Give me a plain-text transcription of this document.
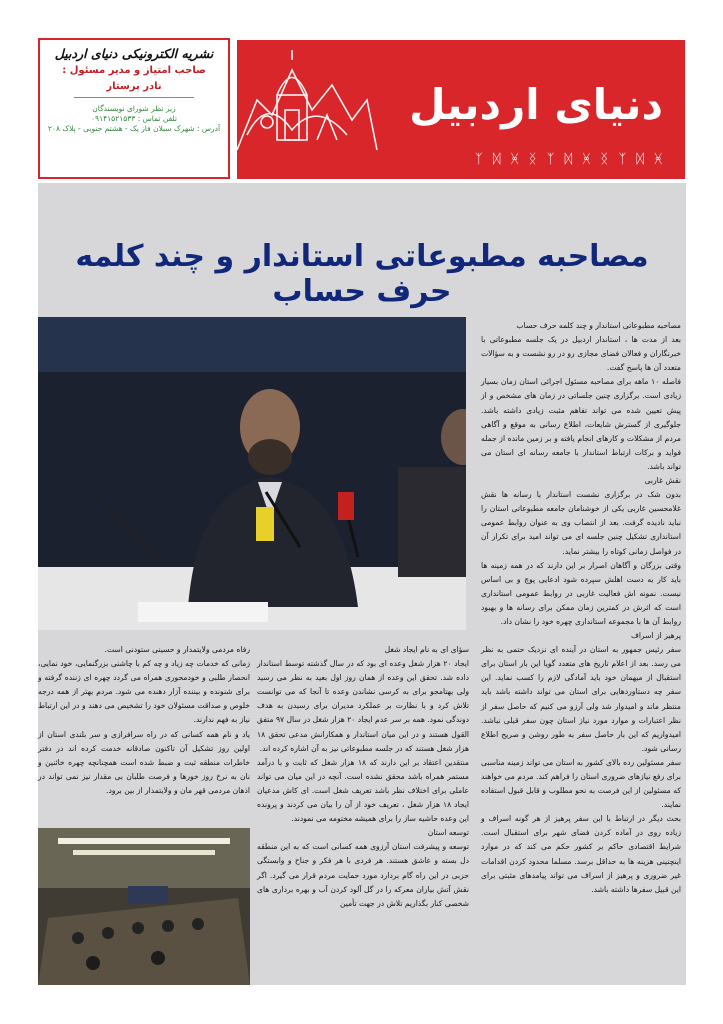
نشریه الکترونیکی دنیای اردبیل
صاحب امتیاز و مدیر مسئول :
نادر پرستار
زیر نظر شورای نویسندگان
تلفن تماس : ۰۹۱۴۱۵۲۱۵۳۳
آدرس : شهرک سبلان فاز یک - هشتم جنوبی - پلاک ۲۰۸	دنیای اردبیل
ᛉ ᛞ ᚸ ᛝ ᛉ ᛞ ᚸ ᛝ ᛉ ᛞ ᚸ
مصاحبه مطبوعاتی استاندار و چند کلمه حرف حساب

مصاحبه مطبوعاتی استاندار و چند کلمه حرف حساب

بعد از مدت ها ، استاندار اردبیل در یک جلسه مطبوعاتی با خبرنگاران و فعالان فضای مجازی رو در رو نشست و به سؤالات متعدد آن ها پاسخ گفت.

فاصله ۱۰ ماهه برای مصاحبه مسئول اجرائی استان زمان بسیار زیادی است. برگزاری چنین جلساتی در زمان های مشخص و از پیش تعیین شده می تواند تفاهم مثبت زیادی داشته باشد. جلوگیری از گسترش شایعات، اطلاع رسانی به موقع و آگاهی مردم از مشکلات و کارهای انجام یافته و بر زمین مانده از جمله فواید و برکات ارتباط استاندار با جامعه رسانه ای استان می تواند باشد.

نقش غاربی

بدون شک در برگزاری نشست استاندار با رسانه ها نقش غلامحسین غاربی یکی از خوشنامان جامعه مطبوعاتی استان را نباید نادیده گرفت. بعد از انتصاب وی به عنوان روابط عمومی استانداری تشکیل چنین جلسه ای می تواند امید برای تکرار آن در فواصل زمانی کوتاه را بیشتر نماید.

وقتی بزرگان و آگاهان اصرار بر این دارند که در همه زمینه ها باید کار به دست اهلش سپرده شود ادعایی پوچ و بی اساس نیست. نمونه اش فعالیت غاربی در روابط عمومی استانداری است که اثرش در کمترین زمان ممکن برای رسانه ها و بهبود روابط آن ها با مجموعه استانداری چهره خود را نشان داد.

پرهیز از اسراف

سفر رئیس جمهور به استان در آینده ای نزدیک حتمی به نظر می رسد. بعد از اعلام تاریخ های متعدد گویا این بار استان برای استقبال از میهمان خود باید آمادگی لازم را کسب نماید. این سفر چه دستاوردهایی برای استان می تواند داشته باشد باید منتظر ماند و امیدوار شد ولی آرزو می کنیم که حاصل سفر از نظر اعتبارات و موارد مورد نیاز استان چون سفر قبلی نباشد. امیدواریم که این بار حاصل سفر به طور روشن و صریح اطلاع رسانی شود.

سفر مسئولین رده بالای کشور به استان می تواند زمینه مناسبی برای رفع نیازهای ضروری استان را فراهم کند. مردم می خواهند که مسئولین از این فرصت به نحو مطلوب و قابل قبول استفاده نمایند.

بحث دیگر در ارتباط با این سفر پرهیز از هر گونه اسراف و زیاده روی در آماده کردن فضای شهر برای استقبال است. شرایط اقتصادی حاکم بر کشور حکم می کند که در موارد اینچنینی هزینه ها به حداقل برسد. مسلما محدود کردن اقدامات غیر ضروری و پرهیز از اسراف می تواند پیامدهای مثبتی برای این قبیل سفرها داشته باشد.

سؤای ای به نام ایجاد شغل

ایجاد ۲۰ هزار شغل وعده ای بود که در سال گذشته توسط استاندار داده شد. تحقق این وعده از همان روز اول بعید به نظر می رسید ولی بهتامجو برای به کرسی نشاندن وعده تا آنجا که می توانست تلاش کرد و با نظارت بر عملکرد مدیران برای رسیدن به هدف دوندگی نمود. همه بر سر عدم ایجاد ۲۰ هزار شغل در سال ۹۷ متفق القول هستند و در این میان استاندار و همکارانش مدعی تحقق ۱۸ هزار شغل هستند که در جلسه مطبوعاتی نیز به آن اشاره کرده اند.

منتقدین اعتقاد بر این دارند که ۱۸ هزار شغل که ثابت و با درآمد مستمر همراه باشد محقق نشده است. آنچه در این میان می تواند عاملی برای اختلاف نظر باشد تعریف شغل است. ای کاش مدعیان ایجاد ۱۸ هزار شغل ، تعریف خود از آن را بیان می کردند و پرونده این وعده حاشیه ساز را برای همیشه مختومه می نمودند.

توسعه استان

توسعه و پیشرفت استان آرزوی همه کسانی است که به این منطقه دل بسته و عاشق هستند. هر فردی با هر فکر و جناح و وابستگی حزبی در این راه گام بردارد مورد حمایت مردم قرار می گیرد. اگر نقش آتش بیاران معرکه را در گل آلود کردن آب و بهره برداری های شخصی کنار بگذاریم تلاش در جهت تأمین

رفاه مردمی ولایتمدار و حسینی ستودنی است.

زمانی که خدمات چه زیاد و چه کم با چاشنی بزرگنمایی، خود نمایی، انحصار طلبی و خودمحوری همراه می گردد چهره ای زننده گرفته و برای شنونده و بیننده آزار دهنده می شود. مردم بهتر از همه درجه خلوص و صداقت مسئولان خود را تشخیص می دهند و در این ارتباط نیاز به فهم ندارند.

یاد و نام همه کسانی که در راه سرافرازی و سر بلندی استان از اولین روز تشکیل آن تاکنون صادقانه خدمت کرده اند در دفتر خاطرات منطقه ثبت و ضبط شده است همچنانچه چهره خائنین و نان به نرخ روز خورها و فرصت طلبان بی مقدار نیز نمی تواند در اذهان مردمی قهر مان و ولایتمدار از بین برود.
